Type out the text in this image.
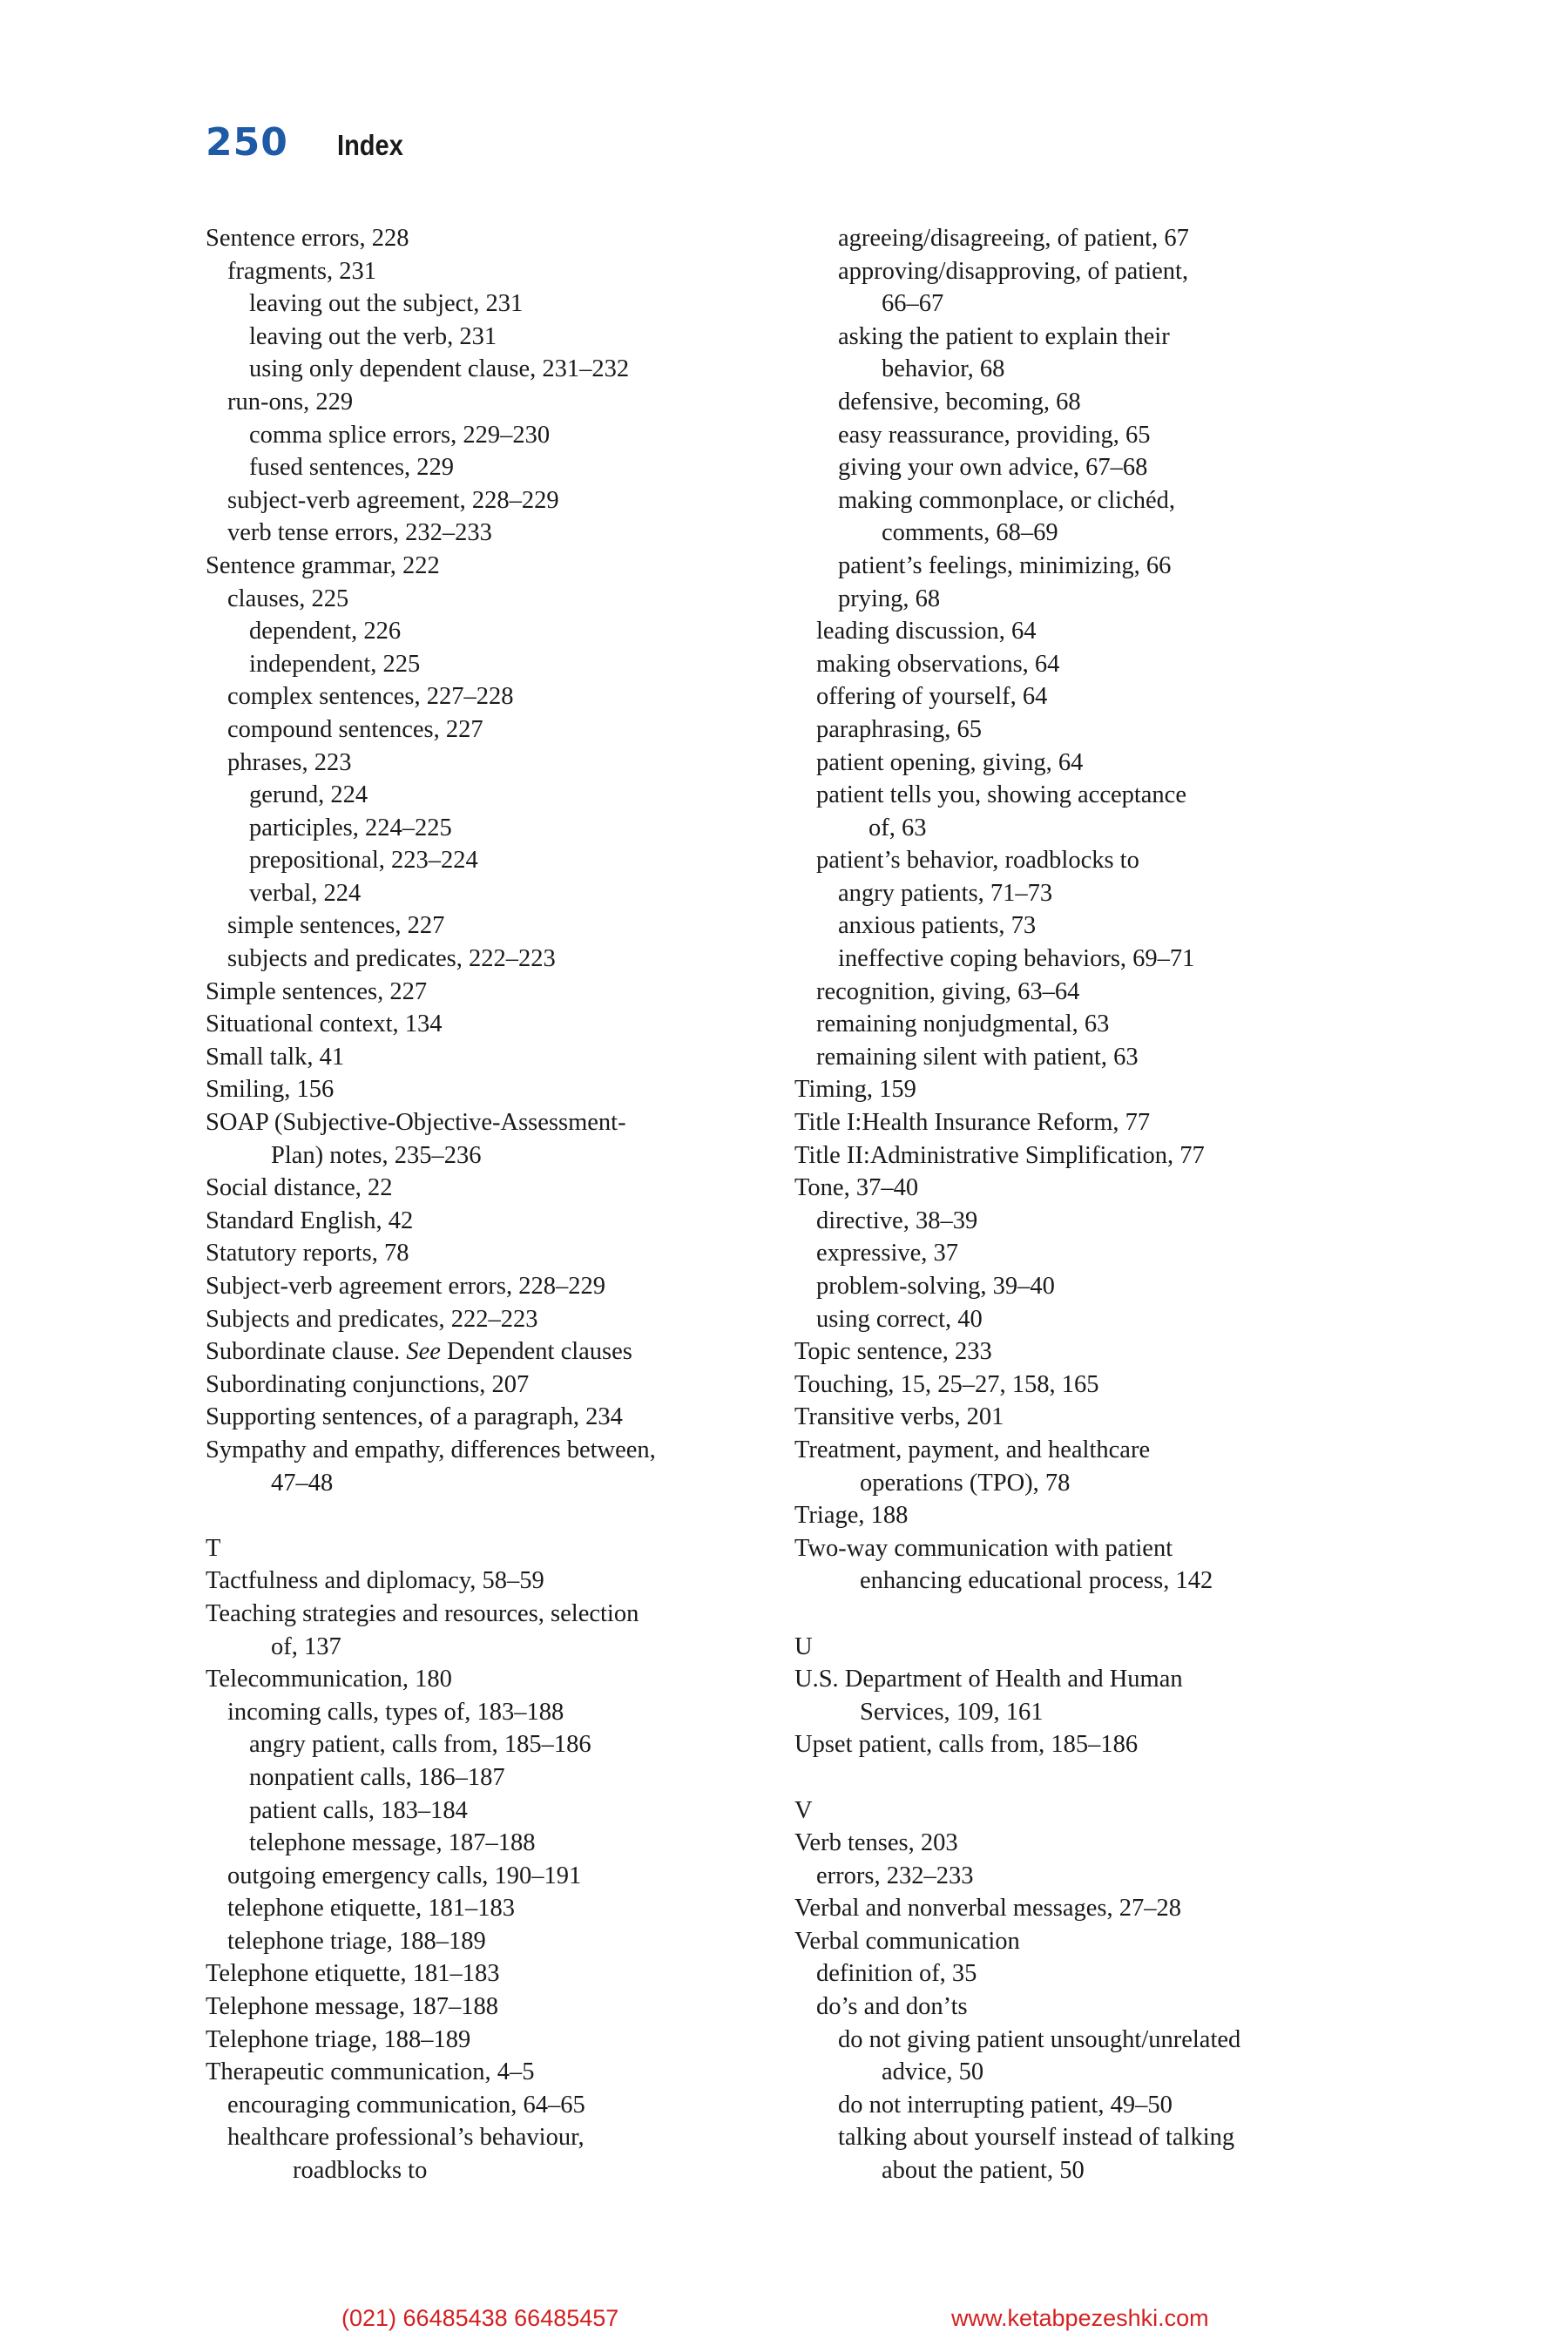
250 Index
Sentence errors, 228
fragments, 231
leaving out the subject, 231
leaving out the verb, 231
using only dependent clause, 231–232
run-ons, 229
comma splice errors, 229–230
fused sentences, 229
subject-verb agreement, 228–229
verb tense errors, 232–233
Sentence grammar, 222
clauses, 225
dependent, 226
independent, 225
complex sentences, 227–228
compound sentences, 227
phrases, 223
gerund, 224
participles, 224–225
prepositional, 223–224
verbal, 224
simple sentences, 227
subjects and predicates, 222–223
Simple sentences, 227
Situational context, 134
Small talk, 41
Smiling, 156
SOAP (Subjective-Objective-Assessment-
Plan) notes, 235–236
Social distance, 22
Standard English, 42
Statutory reports, 78
Subject-verb agreement errors, 228–229
Subjects and predicates, 222–223
Subordinate clause. See Dependent clauses
Subordinating conjunctions, 207
Supporting sentences, of a paragraph, 234
Sympathy and empathy, differences between,
47–48
T
Tactfulness and diplomacy, 58–59
Teaching strategies and resources, selection
of, 137
Telecommunication, 180
incoming calls, types of, 183–188
angry patient, calls from, 185–186
nonpatient calls, 186–187
patient calls, 183–184
telephone message, 187–188
outgoing emergency calls, 190–191
telephone etiquette, 181–183
telephone triage, 188–189
Telephone etiquette, 181–183
Telephone message, 187–188
Telephone triage, 188–189
Therapeutic communication, 4–5
encouraging communication, 64–65
healthcare professional’s behaviour,
roadblocks to
agreeing/disagreeing, of patient, 67
approving/disapproving, of patient,
66–67
asking the patient to explain their
behavior, 68
defensive, becoming, 68
easy reassurance, providing, 65
giving your own advice, 67–68
making commonplace, or clichéd,
comments, 68–69
patient’s feelings, minimizing, 66
prying, 68
leading discussion, 64
making observations, 64
offering of yourself, 64
paraphrasing, 65
patient opening, giving, 64
patient tells you, showing acceptance
of, 63
patient’s behavior, roadblocks to
angry patients, 71–73
anxious patients, 73
ineffective coping behaviors, 69–71
recognition, giving, 63–64
remaining nonjudgmental, 63
remaining silent with patient, 63
Timing, 159
Title I:Health Insurance Reform, 77
Title II:Administrative Simplification, 77
Tone, 37–40
directive, 38–39
expressive, 37
problem-solving, 39–40
using correct, 40
Topic sentence, 233
Touching, 15, 25–27, 158, 165
Transitive verbs, 201
Treatment, payment, and healthcare
operations (TPO), 78
Triage, 188
Two-way communication with patient
enhancing educational process, 142
U
U.S. Department of Health and Human
Services, 109, 161
Upset patient, calls from, 185–186
V
Verb tenses, 203
errors, 232–233
Verbal and nonverbal messages, 27–28
Verbal communication
definition of, 35
do’s and don’ts
do not giving patient unsought/unrelated
advice, 50
do not interrupting patient, 49–50
talking about yourself instead of talking
about the patient, 50
(021) 66485438 66485457	www.ketabpezeshki.com
